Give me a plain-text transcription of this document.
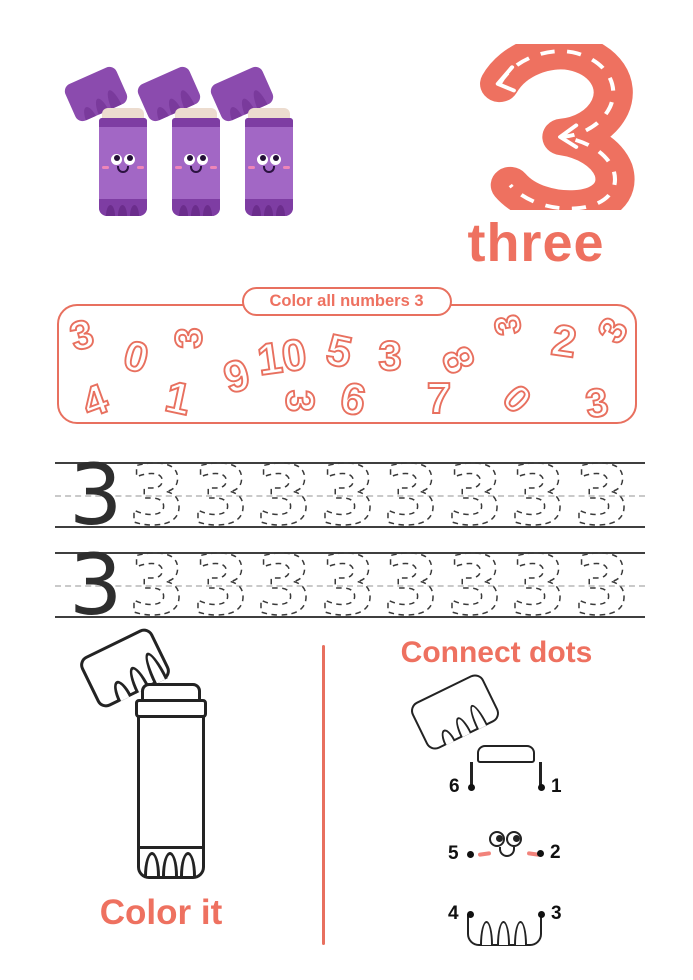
three
Color all numbers 3
3 0 3
9 10 5 3 8
3 2 3
4 1 3 6 7 0 3
3 3 3 3 3 3 3 3 3
3 3 3 3 3 3 3 3 3
Color it
Connect dots
6	1
5	2
4	3
